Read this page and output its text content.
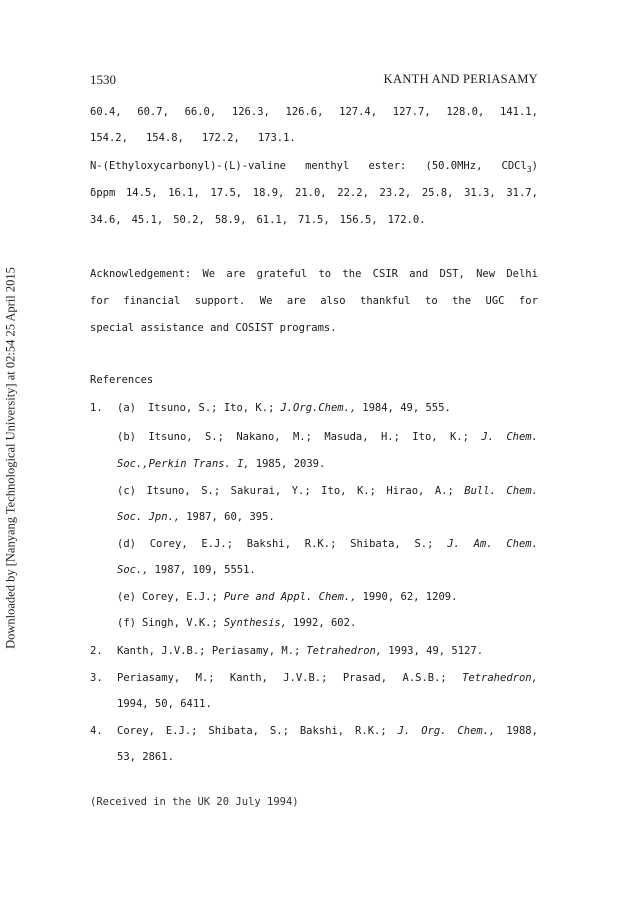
Downloaded by [Nanyang Technological University] at 02:54 25 April 2015
1530	KANTH AND PERIASAMY
60.4, 60.7, 66.0, 126.3, 126.6, 127.4, 127.7, 128.0, 141.1,
154.2, 154.8, 172.2, 173.1.
N-(Ethyloxycarbonyl)-(L)-valine menthyl ester: (50.0MHz, CDCl$_3$)
δppm 14.5, 16.1, 17.5, 18.9, 21.0, 22.2, 23.2, 25.8, 31.3, 31.7,
34.6, 45.1, 50.2, 58.9, 61.1, 71.5, 156.5, 172.0.
Acknowledgement: We are grateful to the CSIR and DST, New Delhi
for financial support. We are also thankful to the UGC for
special assistance and COSIST programs.
References
1. (a) Itsuno, S.; Ito, K.; J.Org.Chem., 1984, 49, 555.
(b) Itsuno, S.; Nakano, M.; Masuda, H.; Ito, K.; J. Chem.
Soc.,Perkin Trans. I, 1985, 2039.
(c) Itsuno, S.; Sakurai, Y.; Ito, K.; Hirao, A.; Bull. Chem.
Soc. Jpn., 1987, 60, 395.
(d) Corey, E.J.; Bakshi, R.K.; Shibata, S.; J. Am. Chem.
Soc., 1987, 109, 5551.
(e) Corey, E.J.; Pure and Appl. Chem., 1990, 62, 1209.
(f) Singh, V.K.; Synthesis, 1992, 602.
2. Kanth, J.V.B.; Periasamy, M.; Tetrahedron, 1993, 49, 5127.
3. Periasamy, M.; Kanth, J.V.B.; Prasad, A.S.B.; Tetrahedron,
1994, 50, 6411.
4. Corey, E.J.; Shibata, S.; Bakshi, R.K.; J. Org. Chem., 1988,
53, 2861.
(Received in the UK 20 July 1994)
